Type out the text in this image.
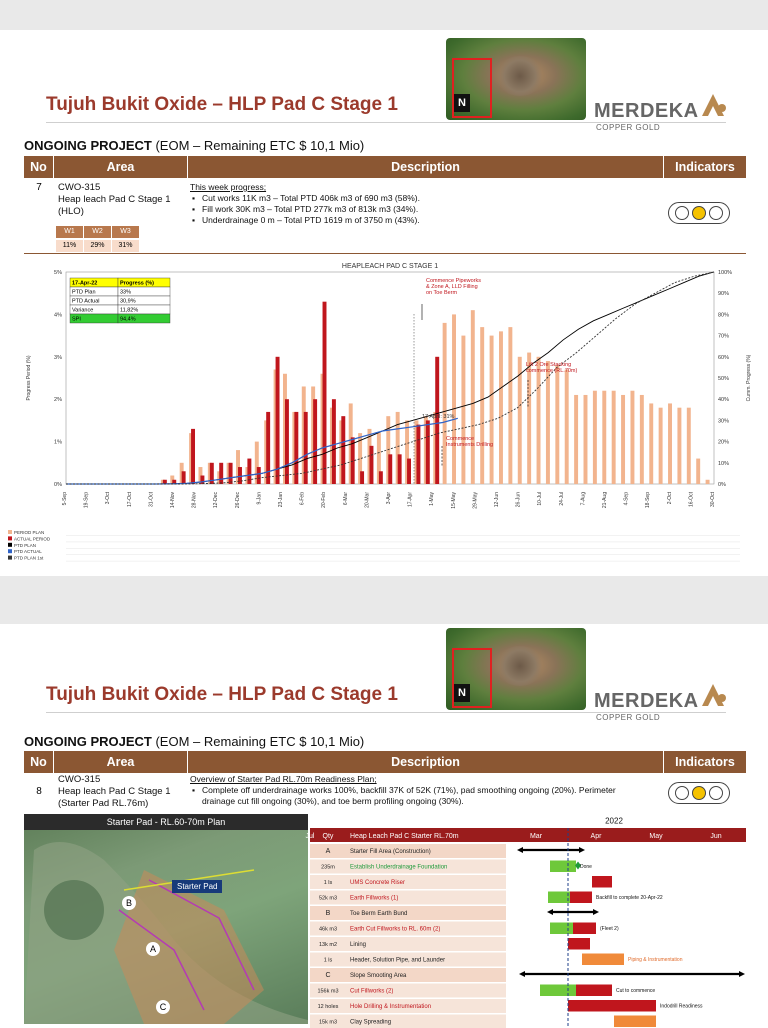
N
Tujuh Bukit Oxide – HLP Pad C Stage 1	MERDEKA
COPPER GOLD
ONGOING PROJECT (EOM – Remaining ETC $ 10,1 Mio)
No	Area	Description	Indicators
7	CWO-315
Heap leach Pad C Stage 1
(HLO)
W1	W2	W3
11%	29%	31%
This week progress;
▪ Cut works 11K m3 – Total PTD 406k m3 of 690 m3 (58%).
▪ Fill work 30K m3 – Total PTD 277k m3 of 813k m3 (34%).
▪ Underdrainage 0 m – Total PTD 1619 m of 3750 m (43%).
HEAPLEACH PAD C STAGE 1
0%
1%
2%
3%
4%
5%
0%
10%
20%
30%
40%
50%
60%
70%
80%
90%
100%
Progress Period (%)	Cumm. Progress (%)
5-Sep	19-Sep	3-Oct	17-Oct	31-Oct	14-Nov	28-Nov	12-Dec	26-Dec	9-Jan	23-Jan	6-Feb	20-Feb	6-Mar	20-Mar	3-Apr	17-Apr	1-May	15-May	29-May	12-Jun	26-Jun	10-Jul	24-Jul	7-Aug	21-Aug	4-Sep	18-Sep	2-Oct	16-Oct	30-Oct
17-Apr-22	Progress (%)
PTD Plan	33%
PTD Actual	30,9%
Variance	11,82%
SPI	94,4%
Commence Pipeworks & Zone A, LLD Filling on Toe Berm
Lift 2 Ore Stacking commence (RL.70m)
Commence Instruments Drilling
17 April: 31%
PERIOD PLAN
ACTUAL PERIOD
PTD PLAN
PTD ACTUAL
PTD PLAN 1st
N
Tujuh Bukit Oxide – HLP Pad C Stage 1	MERDEKA
COPPER GOLD
ONGOING PROJECT (EOM – Remaining ETC $ 10,1 Mio)
No	Area	Description	Indicators
8
CWO-315
Heap leach Pad C Stage 1
(Starter Pad RL.76m)
Overview of Starter Pad RL.70m Readiness Plan;
▪ Complete off underdrainage works 100%, backfill 37K of 52K (71%), pad smoothing ongoing (20%). Perimeter drainage cut fill ongoing (30%), and toe berm profiling ongoing (30%).
Starter Pad - RL.60-70m Plan
Starter Pad
B
A
C
2022
Qty Heap Leach Pad C Starter RL.70m	Mar	Apr	May	Jun
Jul
A	Starter Fill Area (Construction)
235m	Establish Underdrainage Foundation	Done
1 ls	UMS Concrete Riser
52k m3 Earth Fillworks (1)	Backfill to complete 20-Apr-22
B	Toe Berm Earth Bund
46k m3 Earth Cut Fillworks to RL. 60m (2)	(Fleet 2)
13k m2 Lining
1 ls	Header, Solution Pipe, and Launder	Piping & Instrumentation
C	Slope Smooting Area
156k m3 Cut Fillworks (2)	Cut to commence
12 holes Hole Drilling & Instrumentation	Indodrill Readiness
15k m3 Clay Spreading
